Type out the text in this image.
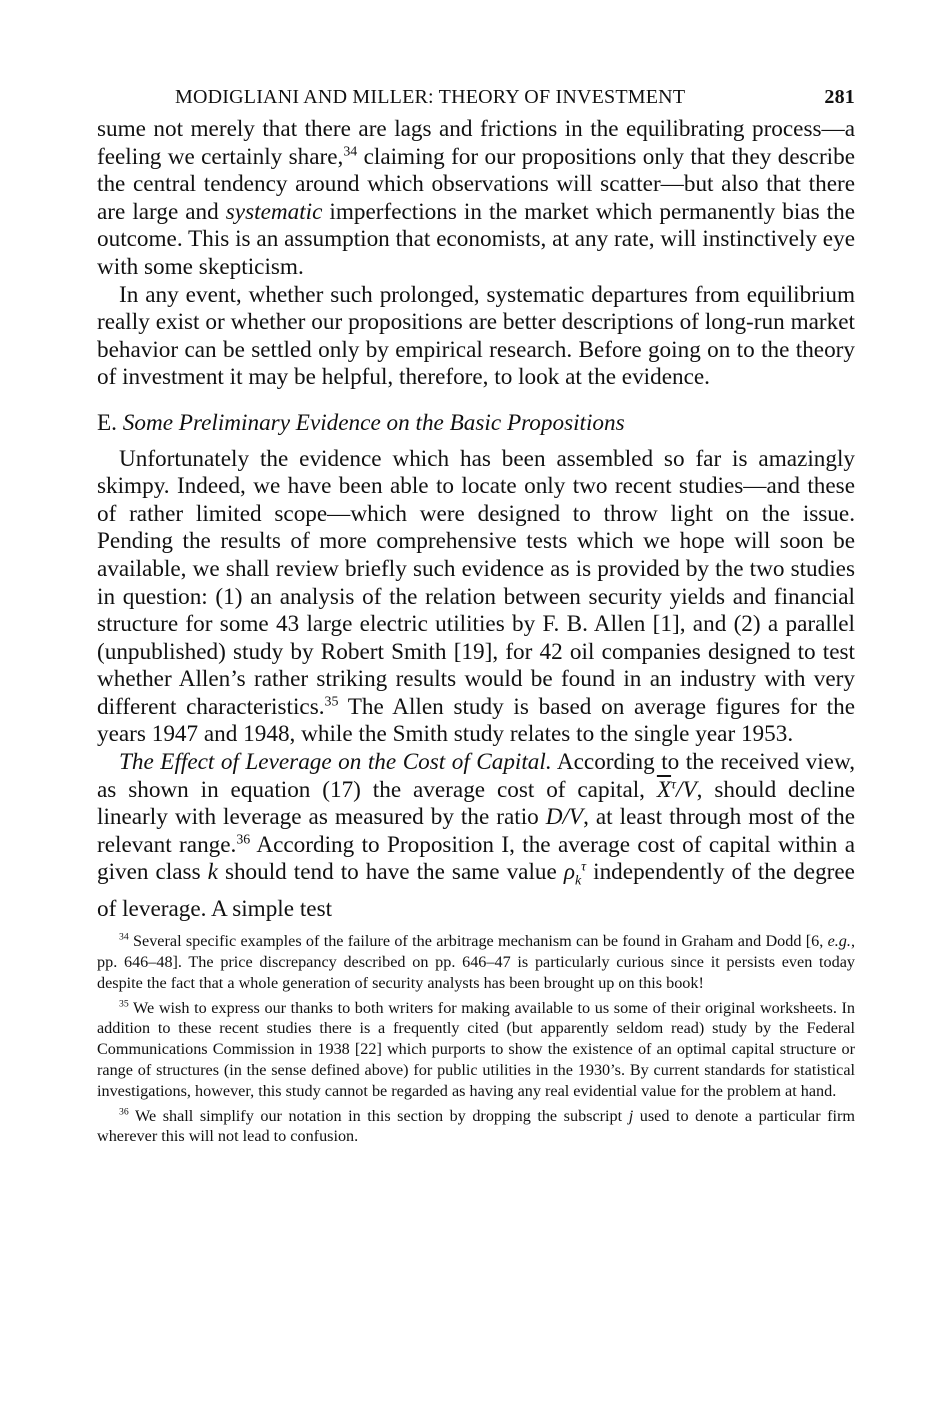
MODIGLIANI AND MILLER: THEORY OF INVESTMENT	281

sume not merely that there are lags and frictions in the equilibrating process—a feeling we certainly share,$^{34}$ claiming for our propositions only that they describe the central tendency around which observations will scatter—but also that there are large and systematic imperfections in the market which permanently bias the outcome. This is an assumption that economists, at any rate, will instinctively eye with some skepticism.

In any event, whether such prolonged, systematic departures from equilibrium really exist or whether our propositions are better descriptions of long-run market behavior can be settled only by empirical research. Before going on to the theory of investment it may be helpful, therefore, to look at the evidence.

E. Some Preliminary Evidence on the Basic Propositions

Unfortunately the evidence which has been assembled so far is amazingly skimpy. Indeed, we have been able to locate only two recent studies—and these of rather limited scope—which were designed to throw light on the issue. Pending the results of more comprehensive tests which we hope will soon be available, we shall review briefly such evidence as is provided by the two studies in question: (1) an analysis of the relation between security yields and financial structure for some 43 large electric utilities by F. B. Allen [1], and (2) a parallel (unpublished) study by Robert Smith [19], for 42 oil companies designed to test whether Allen’s rather striking results would be found in an industry with very different characteristics.$^{35}$ The Allen study is based on average figures for the years 1947 and 1948, while the Smith study relates to the single year 1953.

The Effect of Leverage on the Cost of Capital. According to the received view, as shown in equation (17) the average cost of capital, $\overline{X}^\tau/V$, should decline linearly with leverage as measured by the ratio D/V, at least through most of the relevant range.$^{36}$ According to Proposition I, the average cost of capital within a given class k should tend to have the same value $\rho_k^\tau$ independently of the degree of leverage. A simple test

$^{34}$ Several specific examples of the failure of the arbitrage mechanism can be found in Graham and Dodd [6, e.g., pp. 646–48]. The price discrepancy described on pp. 646–47 is particularly curious since it persists even today despite the fact that a whole generation of security analysts has been brought up on this book!

$^{35}$ We wish to express our thanks to both writers for making available to us some of their original worksheets. In addition to these recent studies there is a frequently cited (but apparently seldom read) study by the Federal Communications Commission in 1938 [22] which purports to show the existence of an optimal capital structure or range of structures (in the sense defined above) for public utilities in the 1930’s. By current standards for statistical investigations, however, this study cannot be regarded as having any real evidential value for the problem at hand.

$^{36}$ We shall simplify our notation in this section by dropping the subscript j used to denote a particular firm wherever this will not lead to confusion.
